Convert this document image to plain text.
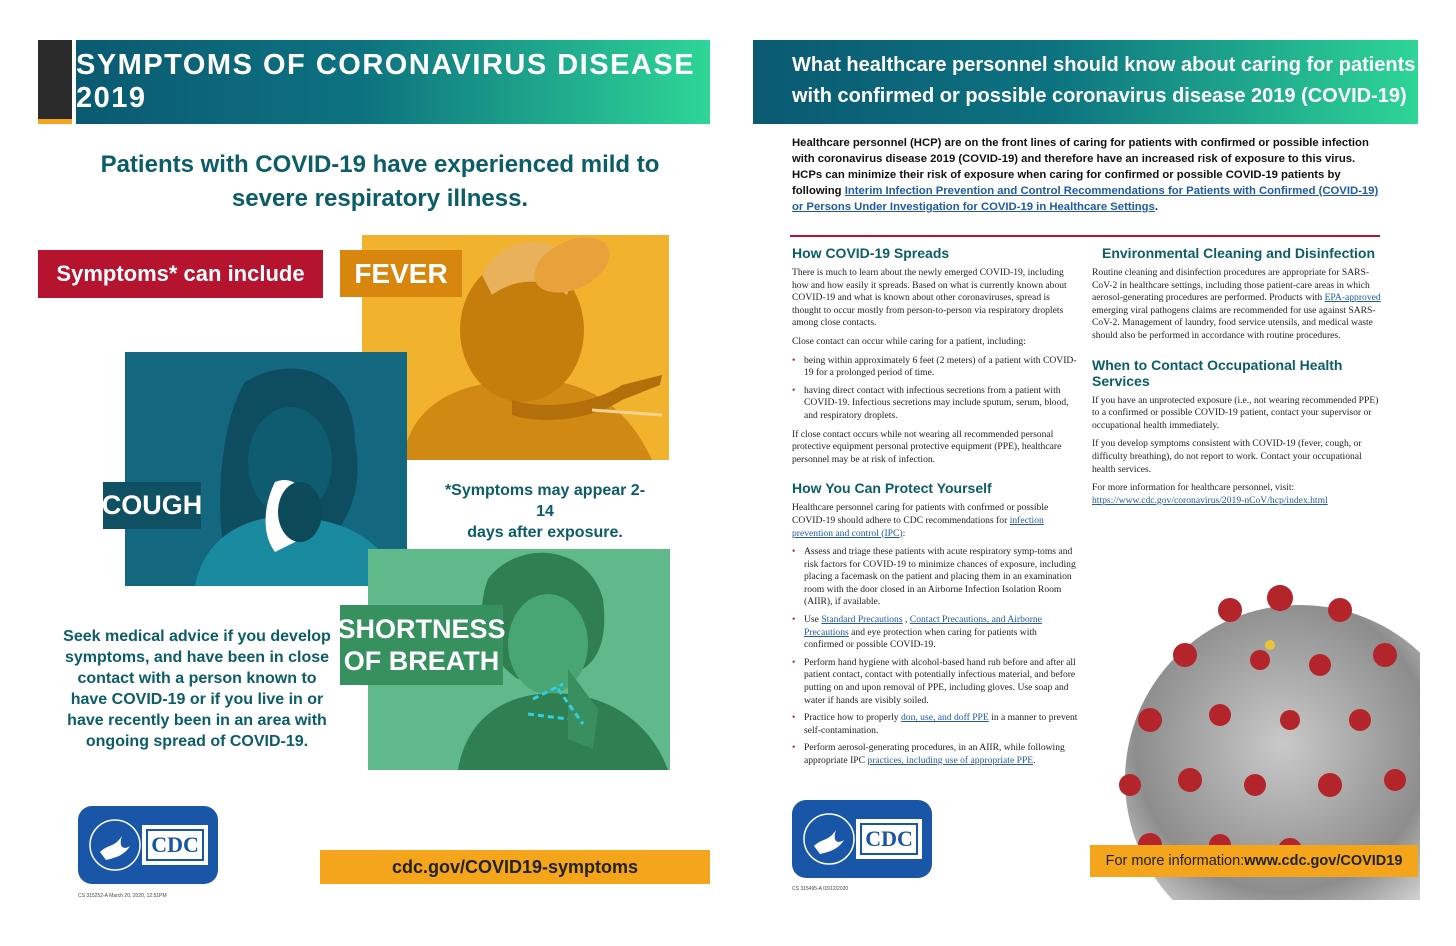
SYMPTOMS OF CORONAVIRUS DISEASE 2019
Patients with COVID-19 have experienced mild to
severe respiratory illness.
Symptoms* can include FEVER
COUGH	*Symptoms may appear 2-14
days after exposure.
SHORTNESS
OF BREATH
Seek medical advice if you develop
symptoms, and have been in close
contact with a person known to
have COVID-19 or if you live in or
have recently been in an area with
ongoing spread of COVID-19.
CDC
cdc.gov/COVID19-symptoms
CS 315252-A March 20, 2020, 12:51PM
What healthcare personnel should know about caring for patients
with confirmed or possible coronavirus disease 2019 (COVID-19)
Healthcare personnel (HCP) are on the front lines of caring for patients with confirmed or possible infection with coronavirus disease 2019 (COVID-19) and therefore have an increased risk of exposure to this virus. HCPs can minimize their risk of exposure when caring for confirmed or possible COVID-19 patients by following Interim Infection Prevention and Control Recommendations for Patients with Confirmed (COVID-19) or Persons Under Investigation for COVID-19 in Healthcare Settings.
How COVID-19 Spreads

There is much to learn about the newly emerged COVID-19, including how and how easily it spreads. Based on what is currently known about COVID-19 and what is known about other coronaviruses, spread is thought to occur mostly from person-to-person via respiratory droplets among close contacts.

Close contact can occur while caring for a patient, including:

• being within approximately 6 feet (2 meters) of a patient with COVID-19 for a prolonged period of time.
• having direct contact with infectious secretions from a patient with COVID-19. Infectious secretions may include sputum, serum, blood, and respiratory droplets.

If close contact occurs while not wearing all recommended personal protective equipment personal protective equipment (PPE), healthcare personnel may be at risk of infection.

How You Can Protect Yourself

Healthcare personnel caring for patients with confrmed or possible COVID-19 should adhere to CDC recommendations for infection prevention and control (IPC):

• Assess and triage these patients with acute respiratory symp-toms and risk factors for COVID-19 to minimize chances of exposure, including placing a facemask on the patient and placing them in an examination room with the door closed in an Airborne Infection Isolation Room (AIIR), if available.
• Use Standard Precautions , Contact Precautions, and Airborne Precautions and eye protection when caring for patients with confirmed or possible COVID-19.
• Perform hand hygiene with alcohol-based hand rub before and after all patient contact, contact with potentially infectious material, and before putting on and upon removal of PPE, including gloves. Use soap and water if hands are visibly soiled.
• Practice how to properly don, use, and doff PPE in a manner to prevent self-contamination.
• Perform aerosol-generating procedures, in an AIIR, while following appropriate IPC practices, including use of appropriate PPE.
Environmental Cleaning and Disinfection

Routine cleaning and disinfection procedures are appropriate for SARS-CoV-2 in healthcare settings, including those patient-care areas in which aerosol-generating procedures are performed. Products with EPA-approved emerging viral pathogens claims are recommended for use against SARS-CoV-2. Management of laundry, food service utensils, and medical waste should also be performed in accordance with routine procedures.

When to Contact Occupational Health Services

If you have an unprotected exposure (i.e., not wearing recommended PPE) to a confirmed or possible COVID-19 patient, contact your supervisor or occupational health immediately.

If you develop symptoms consistent with COVID-19 (fever, cough, or difficulty breathing), do not report to work. Contact your occupational health services.

For more information for healthcare personnel, visit:
https://www.cdc.gov/coronavirus/2019-nCoV/hcp/index.html

For more information: www.cdc.gov/COVID19
CDC
CS 315495-A 03/12/2020
